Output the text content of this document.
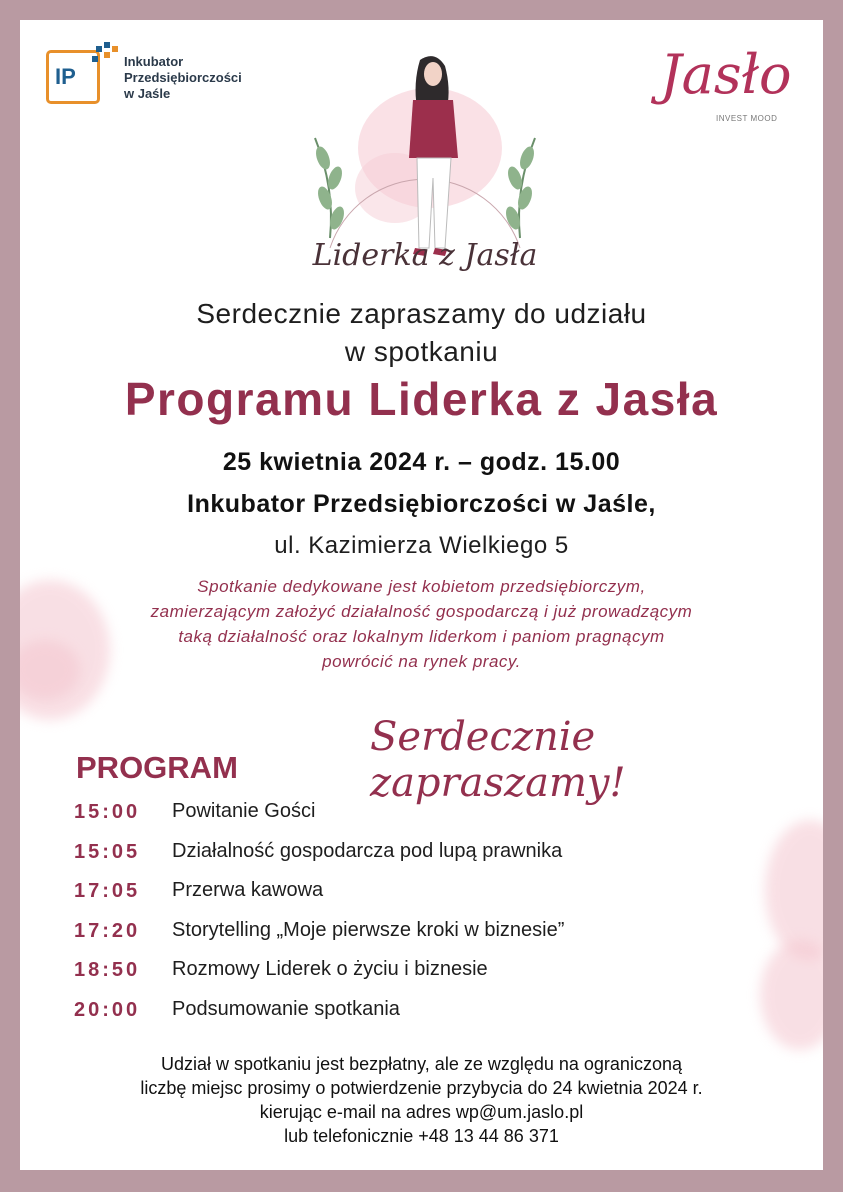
IP
Inkubator
Przedsiębiorczości
w Jaśle	Jasło
INVEST MOOD
Liderka z Jasła
Serdecznie zapraszamy do udziału
w spotkaniu
Programu Liderka z Jasła
25 kwietnia 2024 r. – godz. 15.00
Inkubator Przedsiębiorczości w Jaśle,
ul. Kazimierza Wielkiego 5
Spotkanie dedykowane jest kobietom przedsiębiorczym,
zamierzającym założyć działalność gospodarczą i już prowadzącym
taką działalność oraz lokalnym liderkom i paniom pragnącym
powrócić na rynek pracy.
Serdecznie zapraszamy!
PROGRAM
15:00	Powitanie Gości
15:05	Działalność gospodarcza pod lupą prawnika
17:05	Przerwa kawowa
17:20	Storytelling „Moje pierwsze kroki w biznesie”
18:50	Rozmowy Liderek o życiu i biznesie
20:00	Podsumowanie spotkania
Udział w spotkaniu jest bezpłatny, ale ze względu na ograniczoną
liczbę miejsc prosimy o potwierdzenie przybycia do 24 kwietnia 2024 r.
kierując e-mail na adres wp@um.jaslo.pl
lub telefonicznie +48 13 44 86 371
